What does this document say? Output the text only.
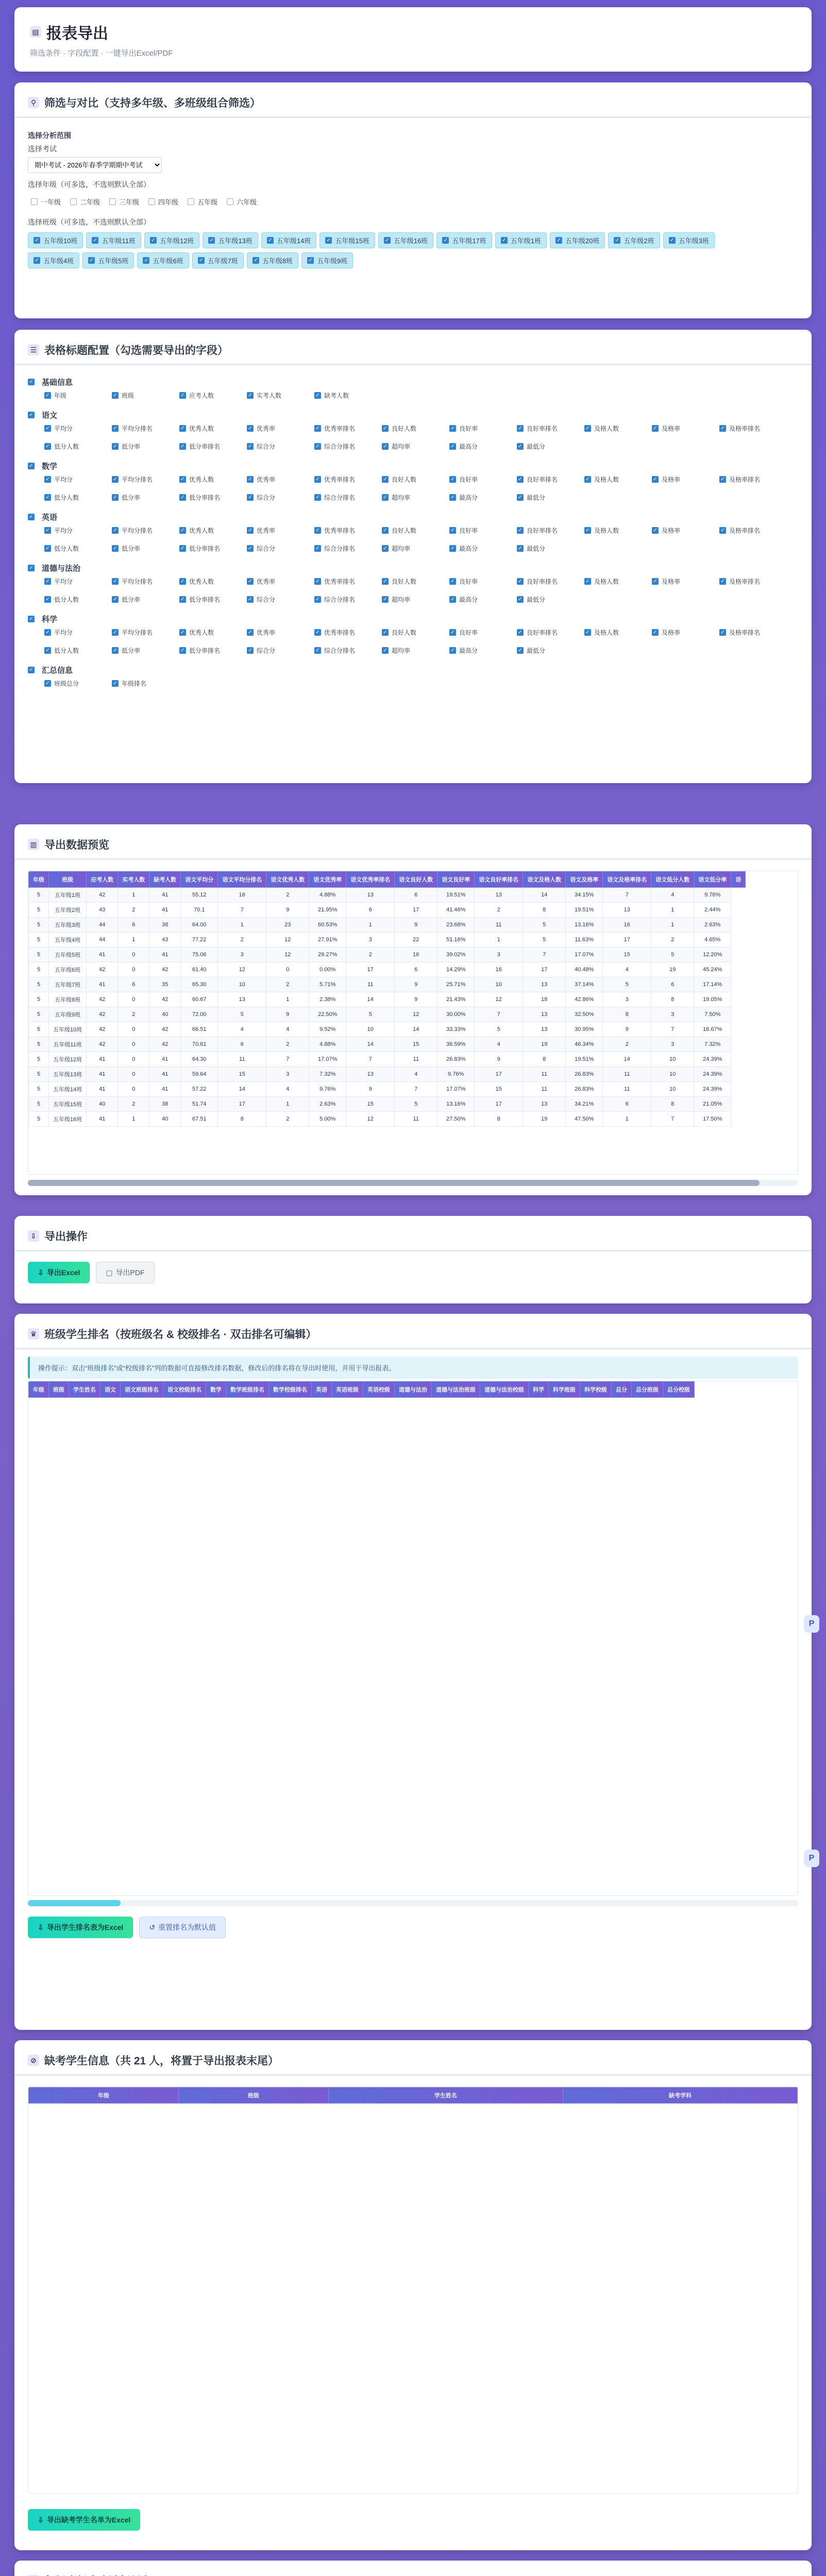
▤ 报表导出
筛选条件 · 字段配置 · 一键导出Excel/PDF
⚲ 筛选与对比（支持多年级、多班级组合筛选）
选择分析范围
选择考试
期中考试 - 2026年春季学期期中考试
选择年级（可多选，不选则默认全部）
一年级	二年级	三年级	四年级	五年级	六年级
选择班级（可多选，不选则默认全部）
✓ 五年级10班	✓ 五年级11班	✓ 五年级12班	✓ 五年级13班	✓ 五年级14班	✓ 五年级15班	✓ 五年级16班	✓ 五年级17班	✓ 五年级1班	✓ 五年级20班	✓ 五年级2班	✓ 五年级3班
✓ 五年级4班	✓ 五年级5班	✓ 五年级6班	✓ 五年级7班	✓ 五年级8班	✓ 五年级9班
☰ 表格标题配置（勾选需要导出的字段）
✓ 基础信息
✓ 年级	✓ 班级	✓ 应考人数	✓ 实考人数	✓ 缺考人数
✓ 语文
✓ 平均分	✓ 平均分排名	✓ 优秀人数	✓ 优秀率	✓ 优秀率排名	✓ 良好人数	✓ 良好率	✓ 良好率排名	✓ 及格人数	✓ 及格率	✓ 及格率排名
✓ 低分人数	✓ 低分率	✓ 低分率排名	✓ 综合分	✓ 综合分排名	✓ 超均率	✓ 最高分	✓ 最低分
✓ 数学
✓ 平均分	✓ 平均分排名	✓ 优秀人数	✓ 优秀率	✓ 优秀率排名	✓ 良好人数	✓ 良好率	✓ 良好率排名	✓ 及格人数	✓ 及格率	✓ 及格率排名
✓ 低分人数	✓ 低分率	✓ 低分率排名	✓ 综合分	✓ 综合分排名	✓ 超均率	✓ 最高分	✓ 最低分
✓ 英语
✓ 平均分	✓ 平均分排名	✓ 优秀人数	✓ 优秀率	✓ 优秀率排名	✓ 良好人数	✓ 良好率	✓ 良好率排名	✓ 及格人数	✓ 及格率	✓ 及格率排名
✓ 低分人数	✓ 低分率	✓ 低分率排名	✓ 综合分	✓ 综合分排名	✓ 超均率	✓ 最高分	✓ 最低分
✓ 道德与法治
✓ 平均分	✓ 平均分排名	✓ 优秀人数	✓ 优秀率	✓ 优秀率排名	✓ 良好人数	✓ 良好率	✓ 良好率排名	✓ 及格人数	✓ 及格率	✓ 及格率排名
✓ 低分人数	✓ 低分率	✓ 低分率排名	✓ 综合分	✓ 综合分排名	✓ 超均率	✓ 最高分	✓ 最低分
✓ 科学
✓ 平均分	✓ 平均分排名	✓ 优秀人数	✓ 优秀率	✓ 优秀率排名	✓ 良好人数	✓ 良好率	✓ 良好率排名	✓ 及格人数	✓ 及格率	✓ 及格率排名
✓ 低分人数	✓ 低分率	✓ 低分率排名	✓ 综合分	✓ 综合分排名	✓ 超均率	✓ 最高分	✓ 最低分
✓ 汇总信息
✓ 班级总分	✓ 年级排名
▥ 导出数据预览
年级	班级	应考人数	实考人数	缺考人数	语文平均分	语文平均分排名	语文优秀人数	语文优秀率	语文优秀率排名	语文良好人数	语文良好率	语文良好率排名	语文及格人数	语文及格率	语文及格率排名	语文低分人数	语文低分率	语
5	五年级1班	42	1	41	55.12	16	2	4.88%	13	6	19.51%	13	14	34.15%	7	4	9.76%	
5	五年级2班	43	2	41	70.1	7	9	21.95%	6	17	41.46%	2	8	19.51%	13	1	2.44%	
5	五年级3班	44	6	38	64.00	1	23	60.53%	1	9	23.68%	11	5	13.16%	16	1	2.63%	
5	五年级4班	44	1	43	77.22	2	12	27.91%	3	22	51.16%	1	5	11.63%	17	2	4.65%	
5	五年级5班	41	0	41	75.06	3	12	29.27%	2	16	39.02%	3	7	17.07%	15	5	12.20%	
5	五年级6班	42	0	42	61.40	12	0	0.00%	17	6	14.29%	16	17	40.48%	4	19	45.24%	
5	五年级7班	41	6	35	65.30	10	2	5.71%	11	9	25.71%	10	13	37.14%	5	6	17.14%	
5	五年级8班	42	0	42	60.67	13	1	2.38%	14	9	21.43%	12	18	42.86%	3	8	19.05%	
5	五年级9班	42	2	40	72.00	5	9	22.50%	5	12	30.00%	7	13	32.50%	8	3	7.50%	
5	五年级10班	42	0	42	66.51	4	4	9.52%	10	14	33.33%	5	13	30.95%	9	7	16.67%	
5	五年级11班	42	0	42	70.61	6	2	4.88%	14	15	36.59%	4	19	46.34%	2	3	7.32%	
5	五年级12班	41	0	41	64.30	11	7	17.07%	7	11	26.83%	9	8	19.51%	14	10	24.39%	
5	五年级13班	41	0	41	59.64	15	3	7.32%	13	4	9.76%	17	11	26.83%	11	10	24.39%	
5	五年级14班	41	0	41	57.22	14	4	9.76%	9	7	17.07%	15	11	26.83%	11	10	24.39%	
5	五年级15班	40	2	38	51.74	17	1	2.63%	15	5	13.16%	17	13	34.21%	6	8	21.05%	
5	五年级16班	41	1	40	67.51	8	2	5.00%	12	11	27.50%	8	19	47.50%	1	7	17.50%	
⇩ 导出操作
⇩ 导出Excel	▢ 导出PDF
♛ 班级学生排名（按班级名 & 校级排名 · 双击排名可编辑）
操作提示：双击“班级排名”或“校级排名”列的数据可直接修改排名数据，修改后的排名将在导出时使用，并用于导出报表。
年级	班级	学生姓名	语文	语文班级排名	语文校级排名	数学	数学班级排名	数学校级排名	英语	英语班级	英语校级	道德与法治	道德与法治班级	道德与法治校级	科学	科学班级	科学校级	总分	总分班级	总分校级
⇩ 导出学生排名表为Excel	↺ 重置排名为默认值
⊘ 缺考学生信息（共 21 人，将置于导出报表末尾）
年级	班级	学生姓名	缺考学科
⇩ 导出缺考学生名单为Excel
P
P
